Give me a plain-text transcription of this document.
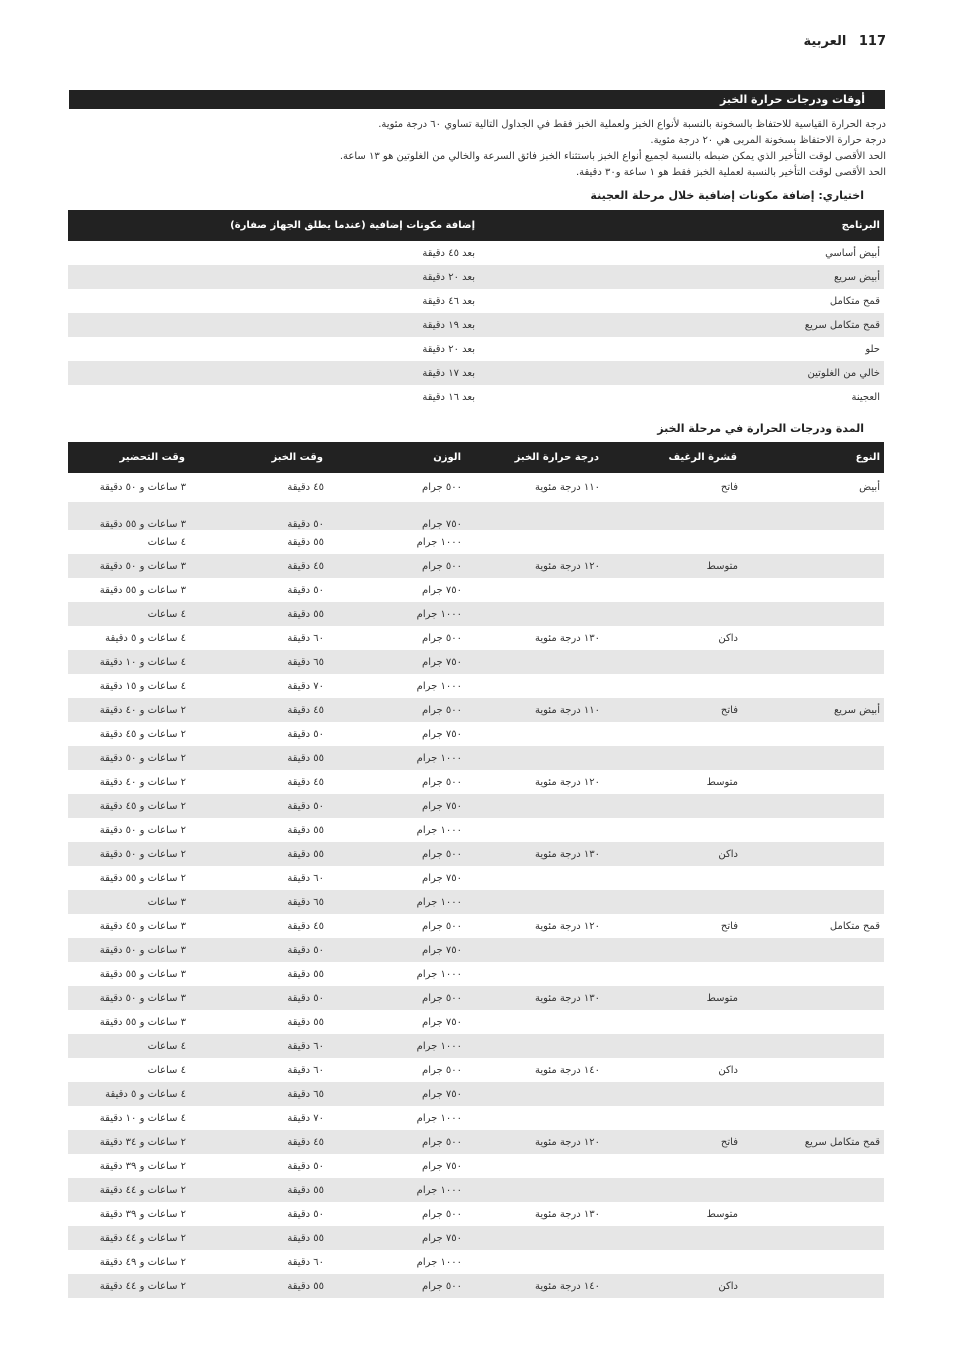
117 العربية
أوقات ودرجات حرارة الخبز
درجة الحرارة القياسية للاحتفاظ بالسخونة بالنسبة لأنواع الخبز ولعملية الخبز فقط في الجداول التالية تساوي ٦٠ درجة مئوية.
درجة حرارة الاحتفاظ بسخونة المربى هي ٢٠ درجة مئوية.
الحد الأقصى لوقت التأخير الذي يمكن ضبطه بالنسبة لجميع أنواع الخبز باستثناء الخبز فائق السرعة والخالي من الغلوتين هو ١٣ ساعة.
الحد الأقصى لوقت التأخير بالنسبة لعملية الخبز فقط هو ١ ساعة و٣٠ دقيقة.
اختياري: إضافة مكونات إضافية خلال مرحلة العجينة
البرنامج	إضافة مكونات إضافية (عندما يطلق الجهاز صفارة)
أبيض أساسي	بعد ٤٥ دقيقة
أبيض سريع	بعد ٢٠ دقيقة
قمح متكامل	بعد ٤٦ دقيقة
قمح متكامل سريع	بعد ١٩ دقيقة
حلو	بعد ٢٠ دقيقة
خالي من الغلوتين	بعد ١٧ دقيقة
العجينة	بعد ١٦ دقيقة
المدة ودرجات الحرارة في مرحلة الخبز
النوع	قشرة الرغيف	درجة حرارة الخبز	الوزن	وقت الخبز	وقت التحضير
أبيض	فاتح	١١٠ درجة مئوية	٥٠٠ جرام	٤٥ دقيقة	٣ ساعات و ٥٠ دقيقة
			٧٥٠ جرام	٥٠ دقيقة	٣ ساعات و ٥٥ دقيقة
			١٠٠٠ جرام	٥٥ دقيقة	٤ ساعات
	متوسط	١٢٠ درجة مئوية	٥٠٠ جرام	٤٥ دقيقة	٣ ساعات و ٥٠ دقيقة
			٧٥٠ جرام	٥٠ دقيقة	٣ ساعات و ٥٥ دقيقة
			١٠٠٠ جرام	٥٥ دقيقة	٤ ساعات
	داكن	١٣٠ درجة مئوية	٥٠٠ جرام	٦٠ دقيقة	٤ ساعات و ٥ دقيقة
			٧٥٠ جرام	٦٥ دقيقة	٤ ساعات و ١٠ دقيقة
			١٠٠٠ جرام	٧٠ دقيقة	٤ ساعات و ١٥ دقيقة
أبيض سريع	فاتح	١١٠ درجة مئوية	٥٠٠ جرام	٤٥ دقيقة	٢ ساعات و ٤٠ دقيقة
			٧٥٠ جرام	٥٠ دقيقة	٢ ساعات و ٤٥ دقيقة
			١٠٠٠ جرام	٥٥ دقيقة	٢ ساعات و ٥٠ دقيقة
	متوسط	١٢٠ درجة مئوية	٥٠٠ جرام	٤٥ دقيقة	٢ ساعات و ٤٠ دقيقة
			٧٥٠ جرام	٥٠ دقيقة	٢ ساعات و ٤٥ دقيقة
			١٠٠٠ جرام	٥٥ دقيقة	٢ ساعات و ٥٠ دقيقة
	داكن	١٣٠ درجة مئوية	٥٠٠ جرام	٥٥ دقيقة	٢ ساعات و ٥٠ دقيقة
			٧٥٠ جرام	٦٠ دقيقة	٢ ساعات و ٥٥ دقيقة
			١٠٠٠ جرام	٦٥ دقيقة	٣ ساعات
قمح متكامل	فاتح	١٢٠ درجة مئوية	٥٠٠ جرام	٤٥ دقيقة	٣ ساعات و ٤٥ دقيقة
			٧٥٠ جرام	٥٠ دقيقة	٣ ساعات و ٥٠ دقيقة
			١٠٠٠ جرام	٥٥ دقيقة	٣ ساعات و ٥٥ دقيقة
	متوسط	١٣٠ درجة مئوية	٥٠٠ جرام	٥٠ دقيقة	٣ ساعات و ٥٠ دقيقة
			٧٥٠ جرام	٥٥ دقيقة	٣ ساعات و ٥٥ دقيقة
			١٠٠٠ جرام	٦٠ دقيقة	٤ ساعات
	داكن	١٤٠ درجة مئوية	٥٠٠ جرام	٦٠ دقيقة	٤ ساعات
			٧٥٠ جرام	٦٥ دقيقة	٤ ساعات و ٥ دقيقة
			١٠٠٠ جرام	٧٠ دقيقة	٤ ساعات و ١٠ دقيقة
قمح متكامل سريع	فاتح	١٢٠ درجة مئوية	٥٠٠ جرام	٤٥ دقيقة	٢ ساعات و ٣٤ دقيقة
			٧٥٠ جرام	٥٠ دقيقة	٢ ساعات و ٣٩ دقيقة
			١٠٠٠ جرام	٥٥ دقيقة	٢ ساعات و ٤٤ دقيقة
	متوسط	١٣٠ درجة مئوية	٥٠٠ جرام	٥٠ دقيقة	٢ ساعات و ٣٩ دقيقة
			٧٥٠ جرام	٥٥ دقيقة	٢ ساعات و ٤٤ دقيقة
			١٠٠٠ جرام	٦٠ دقيقة	٢ ساعات و ٤٩ دقيقة
	داكن	١٤٠ درجة مئوية	٥٠٠ جرام	٥٥ دقيقة	٢ ساعات و ٤٤ دقيقة
